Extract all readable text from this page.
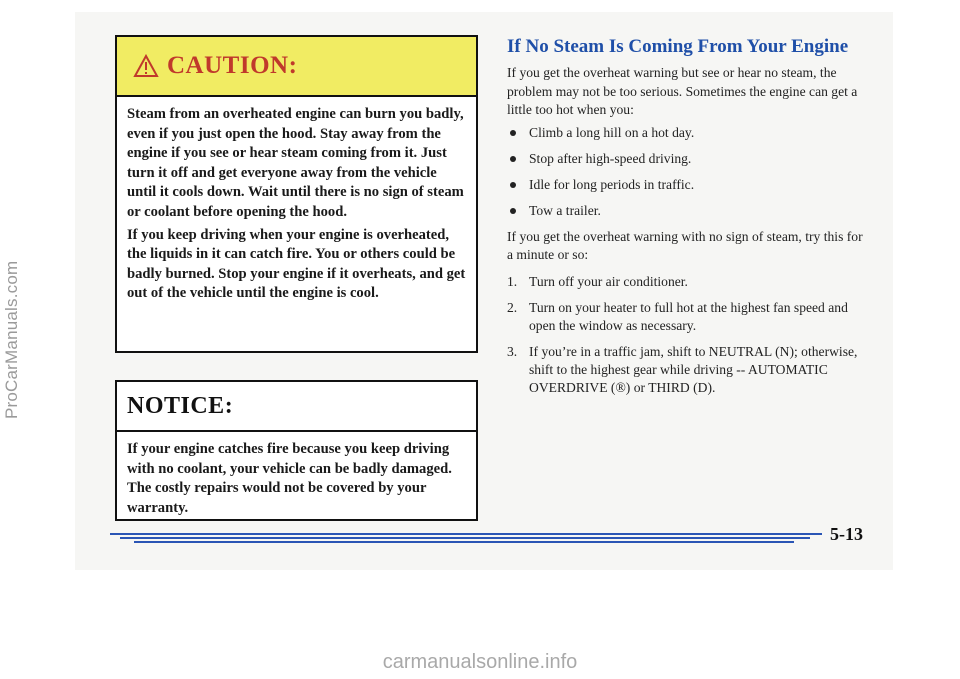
ProCarManuals.com
CAUTION:

Steam from an overheated engine can burn you badly, even if you just open the hood. Stay away from the engine if you see or hear steam coming from it. Just turn it off and get everyone away from the vehicle until it cools down. Wait until there is no sign of steam or coolant before opening the hood.

If you keep driving when your engine is overheated, the liquids in it can catch fire. You or others could be badly burned. Stop your engine if it overheats, and get out of the vehicle until the engine is cool.

NOTICE:

If your engine catches fire because you keep driving with no coolant, your vehicle can be badly damaged. The costly repairs would not be covered by your warranty.

If No Steam Is Coming From Your Engine

If you get the overheat warning but see or hear no steam, the problem may not be too serious. Sometimes the engine can get a little too hot when you:

Climb a long hill on a hot day.
Stop after high-speed driving.
Idle for long periods in traffic.
Tow a trailer.

If you get the overheat warning with no sign of steam, try this for a minute or so:

1. Turn off your air conditioner.
2. Turn on your heater to full hot at the highest fan speed and open the window as necessary.
3. If you’re in a traffic jam, shift to NEUTRAL (N); otherwise, shift to the highest gear while driving -- AUTOMATIC OVERDRIVE (®) or THIRD (D).
5-13
carmanualsonline.info
